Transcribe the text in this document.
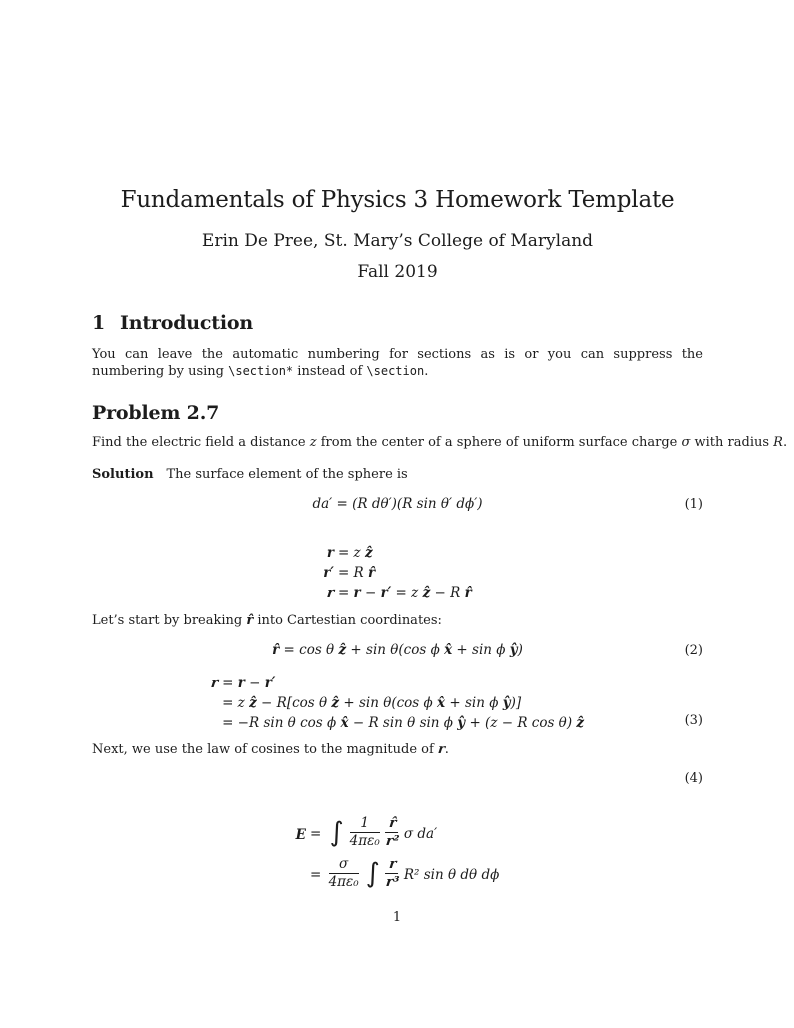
Fundamentals of Physics 3 Homework Template
Erin De Pree, St. Mary’s College of Maryland
Fall 2019
1 Introduction

You can leave the automatic numbering for sections as is or you can suppress the numbering by using \section* instead of \section.

Problem 2.7

Find the electric field a distance z from the center of a sphere of uniform surface charge σ with radius R.

Solution The surface element of the sphere is

da′ = (R dθ′)(R sin θ′ dϕ′)	(1)
r	= z ẑ
r′	= R r̂
r	= r − r′ = z ẑ − R r̂

Let’s start by breaking r̂ into Cartestian coordinates:

r̂ = cos θ ẑ + sin θ(cos ϕ x̂ + sin ϕ ŷ)	(2)
r	= r − r′
	= z ẑ − R[cos θ ẑ + sin θ(cos ϕ x̂ + sin ϕ ŷ)]
	= −R sin θ cos ϕ x̂ − R sin θ sin ϕ ŷ + (z − R cos θ) ẑ	(3)

Next, we use the law of cosines to the magnitude of r.

(4)
E	= ∫ $\frac{1}{\text{4πε₀}} \frac{r̂}{\text{r²}}$ σ da′
	= $\frac{\sigma}{\text{4πε₀}}$ ∫ $\frac{r}{\text{r³}} R^2$ sin θ dθ dϕ
1
